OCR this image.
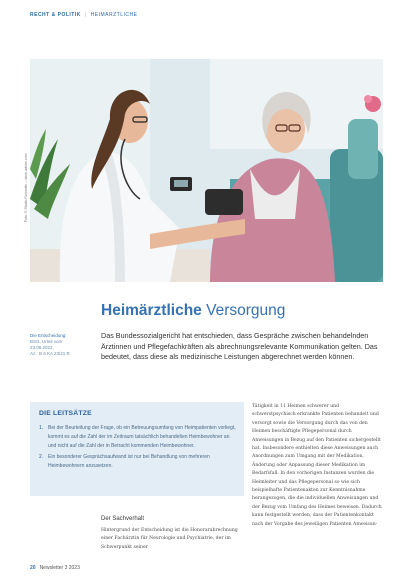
RECHT & POLITIK | HEIMARZTLICHE
Foto: © Studio Romantic – stock.adobe.com
Heimärztliche Versorgung
Die Entscheidung:
BSG, Urteil vom
23.06.2022,
Az.: B 6 KA 23/21 R

Das Bundessozialgericht hat entschieden, dass Gespräche zwischen behandelnden Ärztinnen und Pflegefachkräften als abrechnungsrelevante Kommunikation gelten. Das bedeutet, dass diese als medizinische Leistungen abgerechnet werden können.

DIE LEITSÄTZE
1. Bei der Beurteilung der Frage, ob ein Betreuungsumfang von Heimpatienten vorliegt, kommt es auf die Zahl der im Zeitraum tatsächlich behandelten Heimbewohner an und nicht auf die Zahl der in Betracht kommenden Heimbewohner.
2. Ein besonderer Gesprächsaufwand ist nur bei Behandlung von mehreren Heimbewohnern anzusetzen.
Der Sachverhalt

Hintergrund der Entscheidung ist die Honorarabrechnung einer Fachärztin für Neurologie und Psychiatrie, der im Schwerpunkt seiner

Tätigkeit in 11 Heimen schwerer und schwerstpsychisch erkrankte Patienten behandelt und versorgt sowie die Versorgung durch das von den Heimen beschäftigte Pflegepersonal durch Anweisungen in Bezug auf den Patienten sichergestellt hat. Insbesondere enthielten diese Anweisungen auch Anordnungen zum Umgang mit der Medikation, Änderung oder Anpassung dieser Medikation im Bedarfsfall. In den vorherigen Instanzen wurden die Heimleiter und das Pflegepersonal so wie sich beispielhafte Patientenakten zur Kenntnisnahme herangezogen, die die individuellen Anweisungen und der Bezug vom Umfang des Heimes beweisen. Dadurch kann festgestellt werden, dass der Patientenkontakt nach der Vorgabe des jeweiligen Patienten Anweisun-

20 Newsletter 3 2023
